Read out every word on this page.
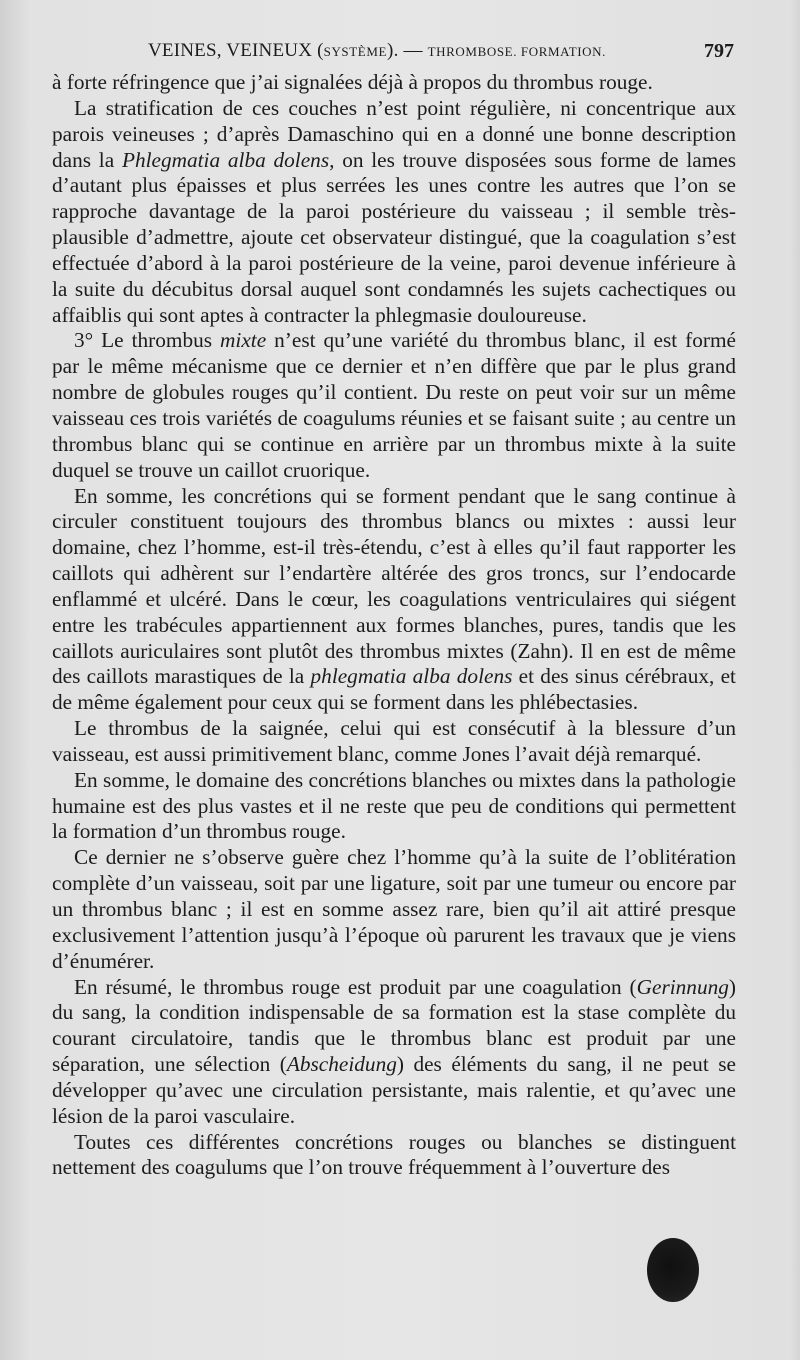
VEINES, VEINEUX (SYSTÈME). — THROMBOSE. FORMATION.	797

à forte réfringence que j’ai signalées déjà à propos du thrombus rouge.

La stratification de ces couches n’est point régulière, ni concentrique aux parois veineuses ; d’après Damaschino qui en a donné une bonne description dans la Phlegmatia alba dolens, on les trouve disposées sous forme de lames d’autant plus épaisses et plus serrées les unes contre les autres que l’on se rapproche davantage de la paroi postérieure du vaisseau ; il semble très-plausible d’admettre, ajoute cet observateur distingué, que la coagulation s’est effectuée d’abord à la paroi postérieure de la veine, paroi devenue inférieure à la suite du décubitus dorsal auquel sont condamnés les sujets cachectiques ou affaiblis qui sont aptes à contracter la phlegmasie douloureuse.

3° Le thrombus mixte n’est qu’une variété du thrombus blanc, il est formé par le même mécanisme que ce dernier et n’en diffère que par le plus grand nombre de globules rouges qu’il contient. Du reste on peut voir sur un même vaisseau ces trois variétés de coagulums réunies et se faisant suite ; au centre un thrombus blanc qui se continue en arrière par un thrombus mixte à la suite duquel se trouve un caillot cruorique.

En somme, les concrétions qui se forment pendant que le sang continue à circuler constituent toujours des thrombus blancs ou mixtes : aussi leur domaine, chez l’homme, est-il très-étendu, c’est à elles qu’il faut rapporter les caillots qui adhèrent sur l’endartère altérée des gros troncs, sur l’endocarde enflammé et ulcéré. Dans le cœur, les coagulations ventriculaires qui siégent entre les trabécules appartiennent aux formes blanches, pures, tandis que les caillots auriculaires sont plutôt des thrombus mixtes (Zahn). Il en est de même des caillots marastiques de la phlegmatia alba dolens et des sinus cérébraux, et de même également pour ceux qui se forment dans les phlébectasies.

Le thrombus de la saignée, celui qui est consécutif à la blessure d’un vaisseau, est aussi primitivement blanc, comme Jones l’avait déjà remarqué.

En somme, le domaine des concrétions blanches ou mixtes dans la pathologie humaine est des plus vastes et il ne reste que peu de conditions qui permettent la formation d’un thrombus rouge.

Ce dernier ne s’observe guère chez l’homme qu’à la suite de l’oblitération complète d’un vaisseau, soit par une ligature, soit par une tumeur ou encore par un thrombus blanc ; il est en somme assez rare, bien qu’il ait attiré presque exclusivement l’attention jusqu’à l’époque où parurent les travaux que je viens d’énumérer.

En résumé, le thrombus rouge est produit par une coagulation (Gerinnung) du sang, la condition indispensable de sa formation est la stase complète du courant circulatoire, tandis que le thrombus blanc est produit par une séparation, une sélection (Abscheidung) des éléments du sang, il ne peut se développer qu’avec une circulation persistante, mais ralentie, et qu’avec une lésion de la paroi vasculaire.

Toutes ces différentes concrétions rouges ou blanches se distinguent nettement des coagulums que l’on trouve fréquemment à l’ouverture des
